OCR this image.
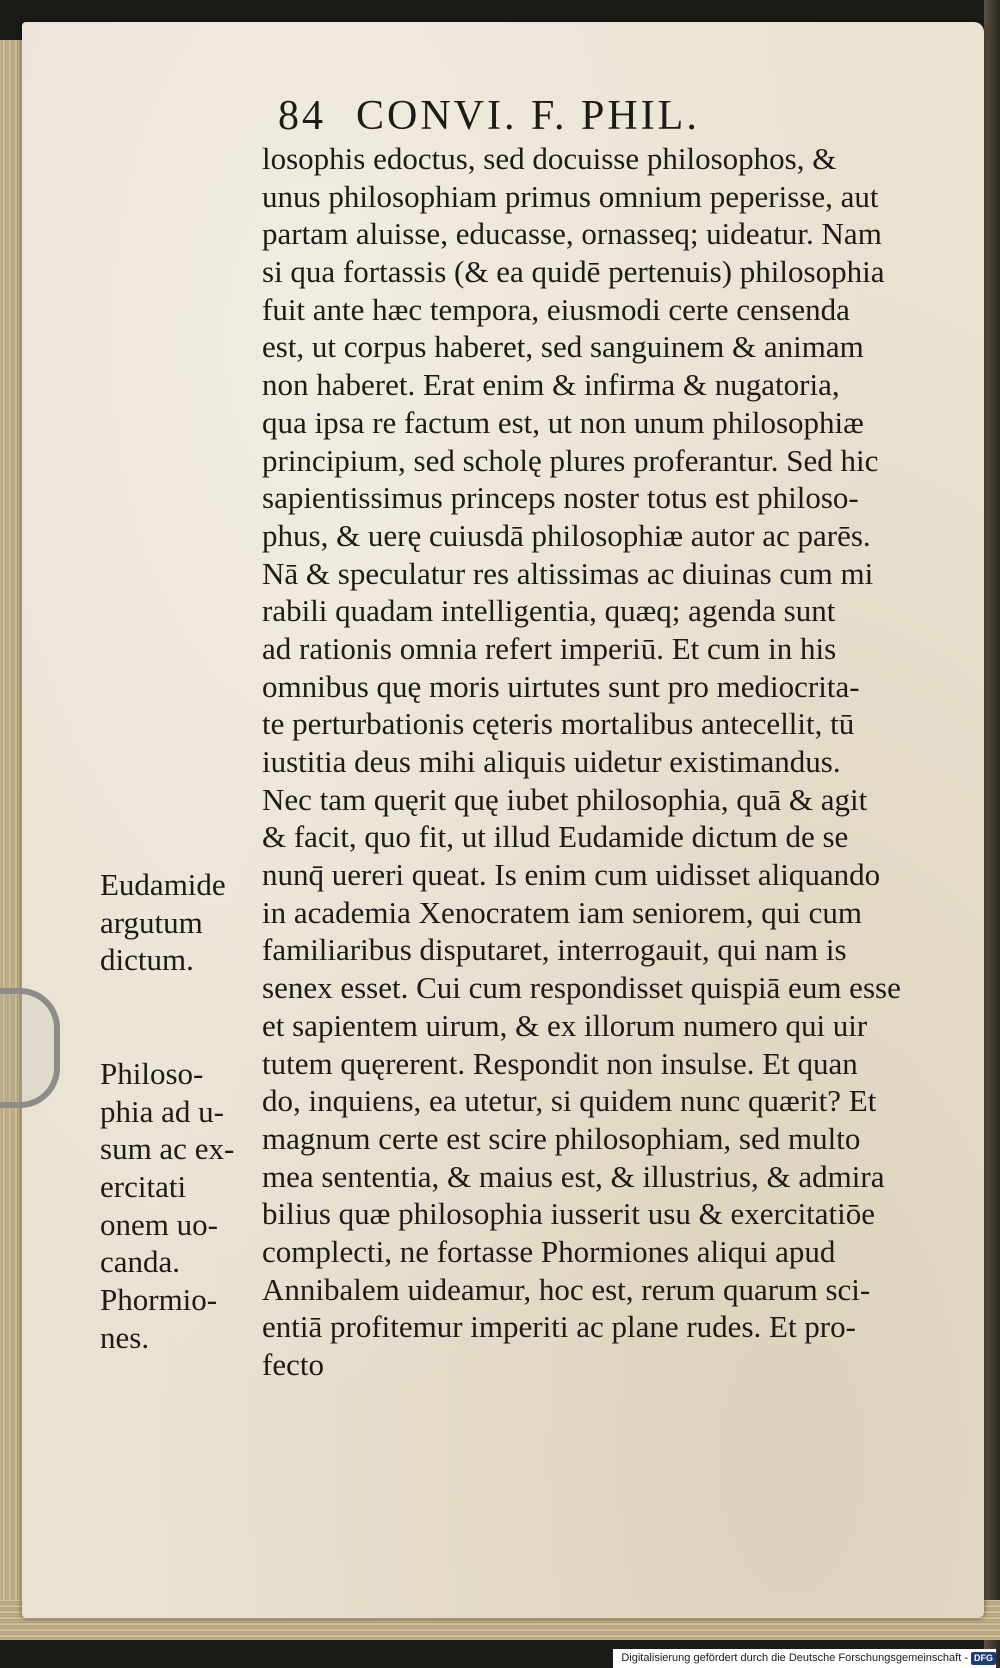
84 CONVI. F. PHIL.
losophis edoctus, sed docuisse philosophos, &
unus philosophiam primus omnium peperisse, aut
partam aluisse, educasse, ornasseq; uideatur. Nam
si qua fortassis (& ea quidē pertenuis) philosophia
fuit ante hæc tempora, eiusmodi certe censenda
est, ut corpus haberet, sed sanguinem & animam
non haberet. Erat enim & infirma & nugatoria,
qua ipsa re factum est, ut non unum philosophiæ
principium, sed scholę plures proferantur. Sed hic
sapientissimus princeps noster totus est philoso-
phus, & uerę cuiusdā philosophiæ autor ac parēs.
Nā & speculatur res altissimas ac diuinas cum mi
rabili quadam intelligentia, quæq; agenda sunt
ad rationis omnia refert imperiū. Et cum in his
omnibus quę moris uirtutes sunt pro mediocrita-
te perturbationis cęteris mortalibus antecellit, tū
iustitia deus mihi aliquis uidetur existimandus.
Nec tam quęrit quę iubet philosophia, quā & agit
& facit, quo fit, ut illud Eudamide dictum de se
nunq̄ uereri queat. Is enim cum uidisset aliquando
in academia Xenocratem iam seniorem, qui cum
familiaribus disputaret, interrogauit, qui nam is
senex esset. Cui cum respondisset quispiā eum esse
et sapientem uirum, & ex illorum numero qui uir
tutem quęrerent. Respondit non insulse. Et quan
do, inquiens, ea utetur, si quidem nunc quærit? Et
magnum certe est scire philosophiam, sed multo
mea sententia, & maius est, & illustrius, & admira
bilius quæ philosophia iusserit usu & exercitatiōe
complecti, ne fortasse Phormiones aliqui apud
Annibalem uideamur, hoc est, rerum quarum sci-
entiā profitemur imperiti ac plane rudes. Et pro-
fecto
Eudamide
argutum
dictum.
Philoso-
phia ad u-
sum ac ex-
ercitati
onem uo-
canda.
Phormio-
nes.
Digitalisierung gefördert durch die Deutsche Forschungsgemeinschaft - DFG
